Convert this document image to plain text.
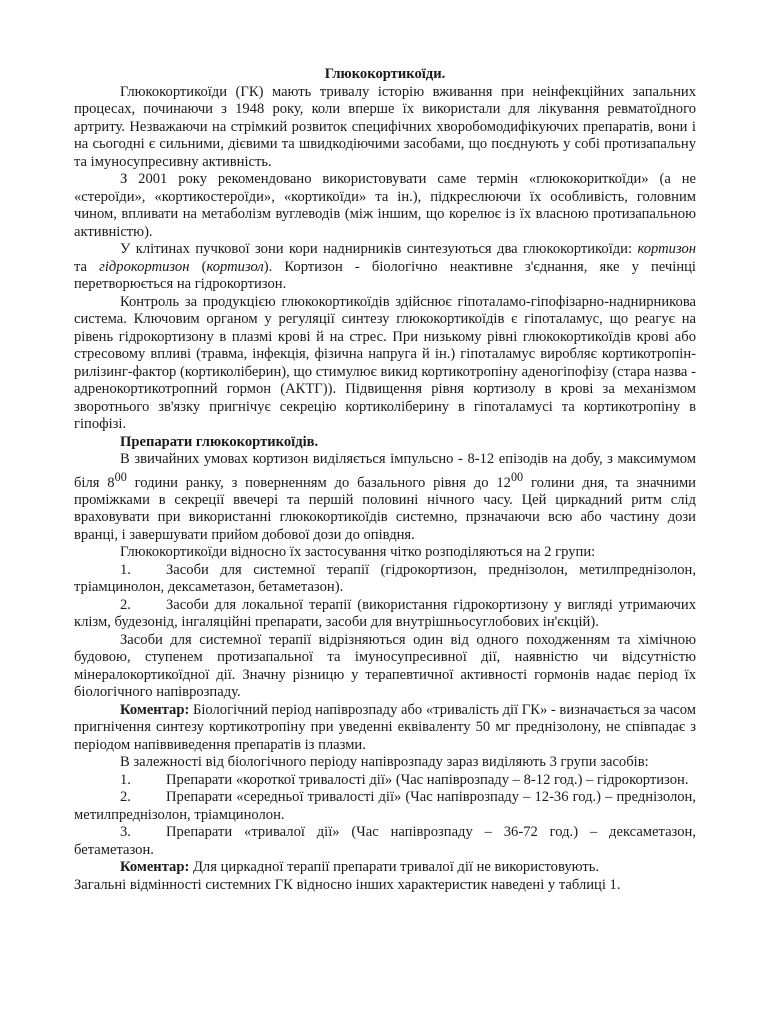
Глюкокортикоїди.

Глюкокортикоїди (ГК) мають тривалу історію вживання при неінфекційних запальних процесах, починаючи з 1948 року, коли вперше їх використали для лікування ревматоїдного артриту. Незважаючи на стрімкий розвиток специфічних хворобомодифікуючих препаратів, вони і на сьогодні є сильними, дієвими та швидкодіючими засобами, що поєднують у собі протизапальну та імуносупресивну активність.

З 2001 року рекомендовано використовувати саме термін «глюкокориткоїди» (а не «стероїди», «кортикостероїди», «кортикоїди» та ін.), підкреслюючи їх особливість, головним чином, впливати на метаболізм вуглеводів (між іншим, що корелює із їх власною протизапальною активністю).

У клітинах пучкової зони кори наднирників синтезуються два глюкокортикоїди: кортизон та гідрокортизон (кортизол). Кортизон - біологічно неактивне з'єднання, яке у печінці перетворюється на гідрокортизон.

Контроль за продукцією глюкокортикоїдів здійснює гіпоталамо-гіпофізарно-наднирникова система. Ключовим органом у регуляції синтезу глюкокортикоїдів є гіпоталамус, що реагує на рівень гідрокортизону в плазмі крові й на стрес. При низькому рівні глюкокортикоїдів крові або стресовому впливі (травма, інфекція, фізична напруга й ін.) гіпоталамус виробляє кортикотропін-рилізинг-фактор (кортиколіберин), що стимулює викид кортикотропіну аденогіпофізу (стара назва - адренокортикотропний гормон (АКТГ)). Підвищення рівня кортизолу в крові за механізмом зворотнього зв'язку пригнічує секрецію кортиколіберину в гіпоталамусі та кортикотропіну в гіпофізі.

Препарати глюкокортикоїдів.

В звичайних умовах кортизон виділяється імпульсно - 8-12 епізодів на добу, з максимумом біля $8^{00}$ години ранку, з поверненням до базального рівня до $12^{00}$ голини дня, та значними проміжками в секреції ввечері та першій половині нічного часу. Цей циркадний ритм слід враховувати при використанні глюкокортикоїдів системно, прзначаючи всю або частину дози вранці, і завершувати прийом добової дози до опівдня.

Глюкокортикоїди відносно їх застосування чітко розподіляються на 2 групи:

1. Засоби для системної терапії (гідрокортизон, преднізолон, метилпреднізолон, тріамцинолон, дексаметазон, бетаметазон).

2. Засоби для локальної терапії (використання гідрокортизону у вигляді утримаючих клізм, будезонід, інгаляційні препарати, засоби для внутрішньосуглобових ін'єкцій).

Засоби для системної терапії відрізняються один від одного походженням та хімічною будовою, ступенем протизапальної та імуносупресивної дії, наявністю чи відсутністю мінералокортикоїдної дії. Значну різницю у терапевтичної активності гормонів надає період їх біологічного напіврозпаду.

Коментар: Біологічний період напіврозпаду або «тривалість дії ГК» - визначається за часом пригнічення синтезу кортикотропіну при уведенні еквіваленту 50 мг преднізолону, не співпадає з періодом напіввиведення препаратів із плазми.

В залежності від біологічного періоду напіврозпаду зараз виділяють 3 групи засобів:

1. Препарати «короткої тривалості дії» (Час напіврозпаду – 8-12 год.) – гідрокортизон.

2. Препарати «середньої тривалості дії» (Час напіврозпаду – 12-36 год.) – преднізолон, метилпреднізолон, тріамцинолон.

3. Препарати «тривалої дії» (Час напіврозпаду – 36-72 год.) – дексаметазон, бетаметазон.

Коментар: Для циркадної терапії препарати тривалої дії не використовують.

Загальні відмінності системних ГК відносно інших характеристик наведені у таблиці 1.
